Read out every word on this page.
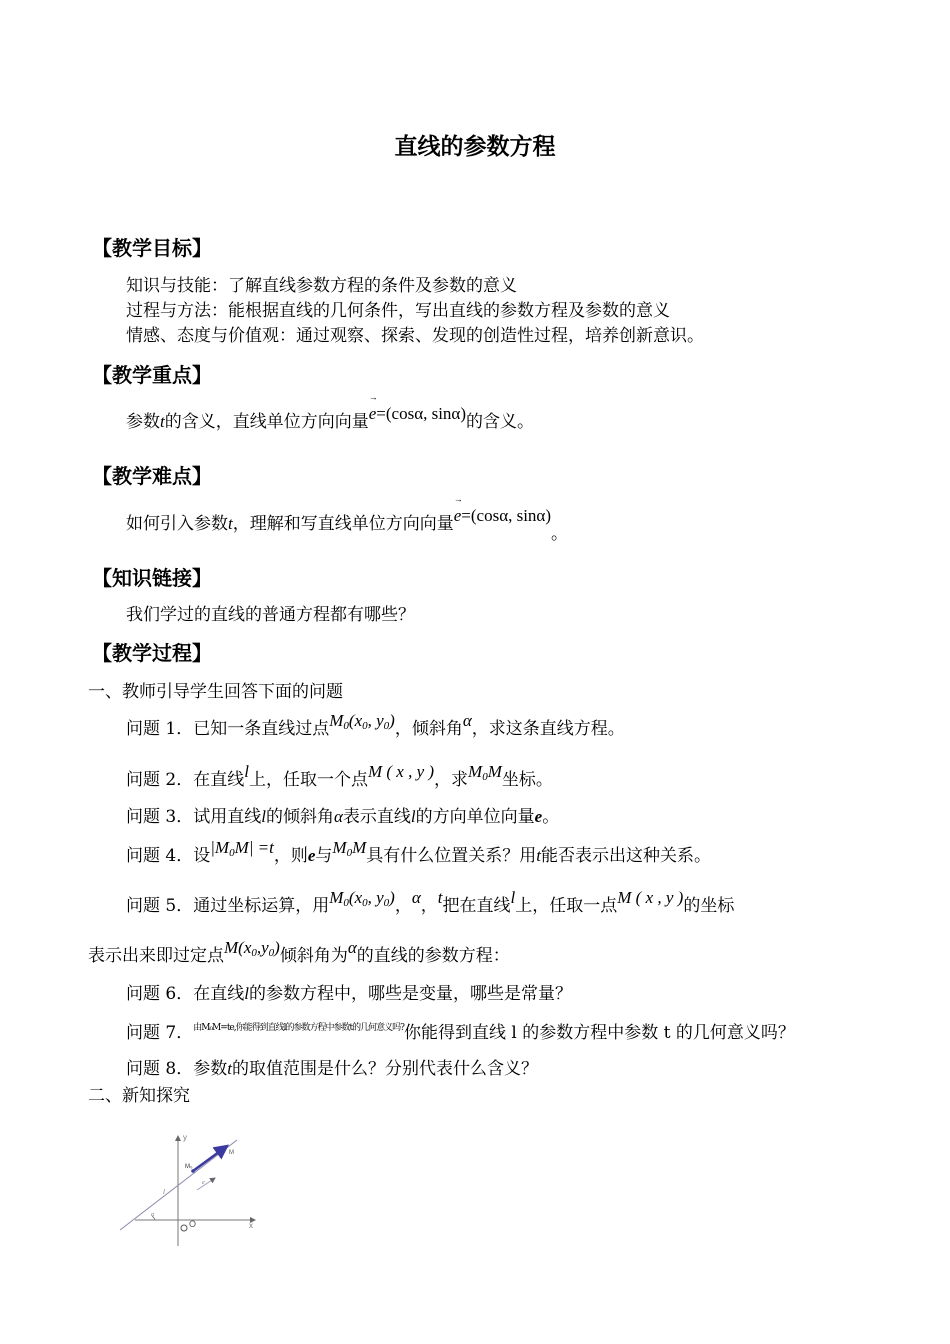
直线的参数方程
【教学目标】
知识与技能：了解直线参数方程的条件及参数的意义
过程与方法：能根据直线的几何条件，写出直线的参数方程及参数的意义
情感、态度与价值观：通过观察、探索、发现的创造性过程，培养创新意识。
【教学重点】
参数t的含义，直线单位方向向量→ e=(cosα, sinα)的含义。
【教学难点】
如何引入参数t，理解和写直线单位方向向量→ e=(cosα, sinα)。
【知识链接】
我们学过的直线的普通方程都有哪些？
【教学过程】
一、教师引导学生回答下面的问题
问题 1．已知一条直线过点$M_0(x_0$, $y_0$)，倾斜角α，求这条直线方程。
问题 2．在直线l上，任取一个点M ( x , y )，求$M_0M$坐标。
问题 3．试用直线l的倾斜角α表示直线l的方向单位向量e。
问题 4．设$|M_0M| =t$，则e与$M_0M$具有什么位置关系？用t能否表示出这种关系。
问题 5．通过坐标运算，用$M_0(x_0$, $y_0$)，α，t把在直线l上，任取一点M ( x , y )的坐标
表示出来即过定点$M(x_0,y_0)$倾斜角为α的直线的参数方程：
问题 6．在直线l的参数方程中，哪些是变量，哪些是常量？
问题 7．$^{由M_0M=te,你能得到直线l的参数方程中参数t的几何意义吗?}$你能得到直线 l 的参数方程中参数 t 的几何意义吗？
问题 8．参数t的取值范围是什么？分别代表什么含义？
二、新知探究
y
x
O
M
M₀
e
l
α
